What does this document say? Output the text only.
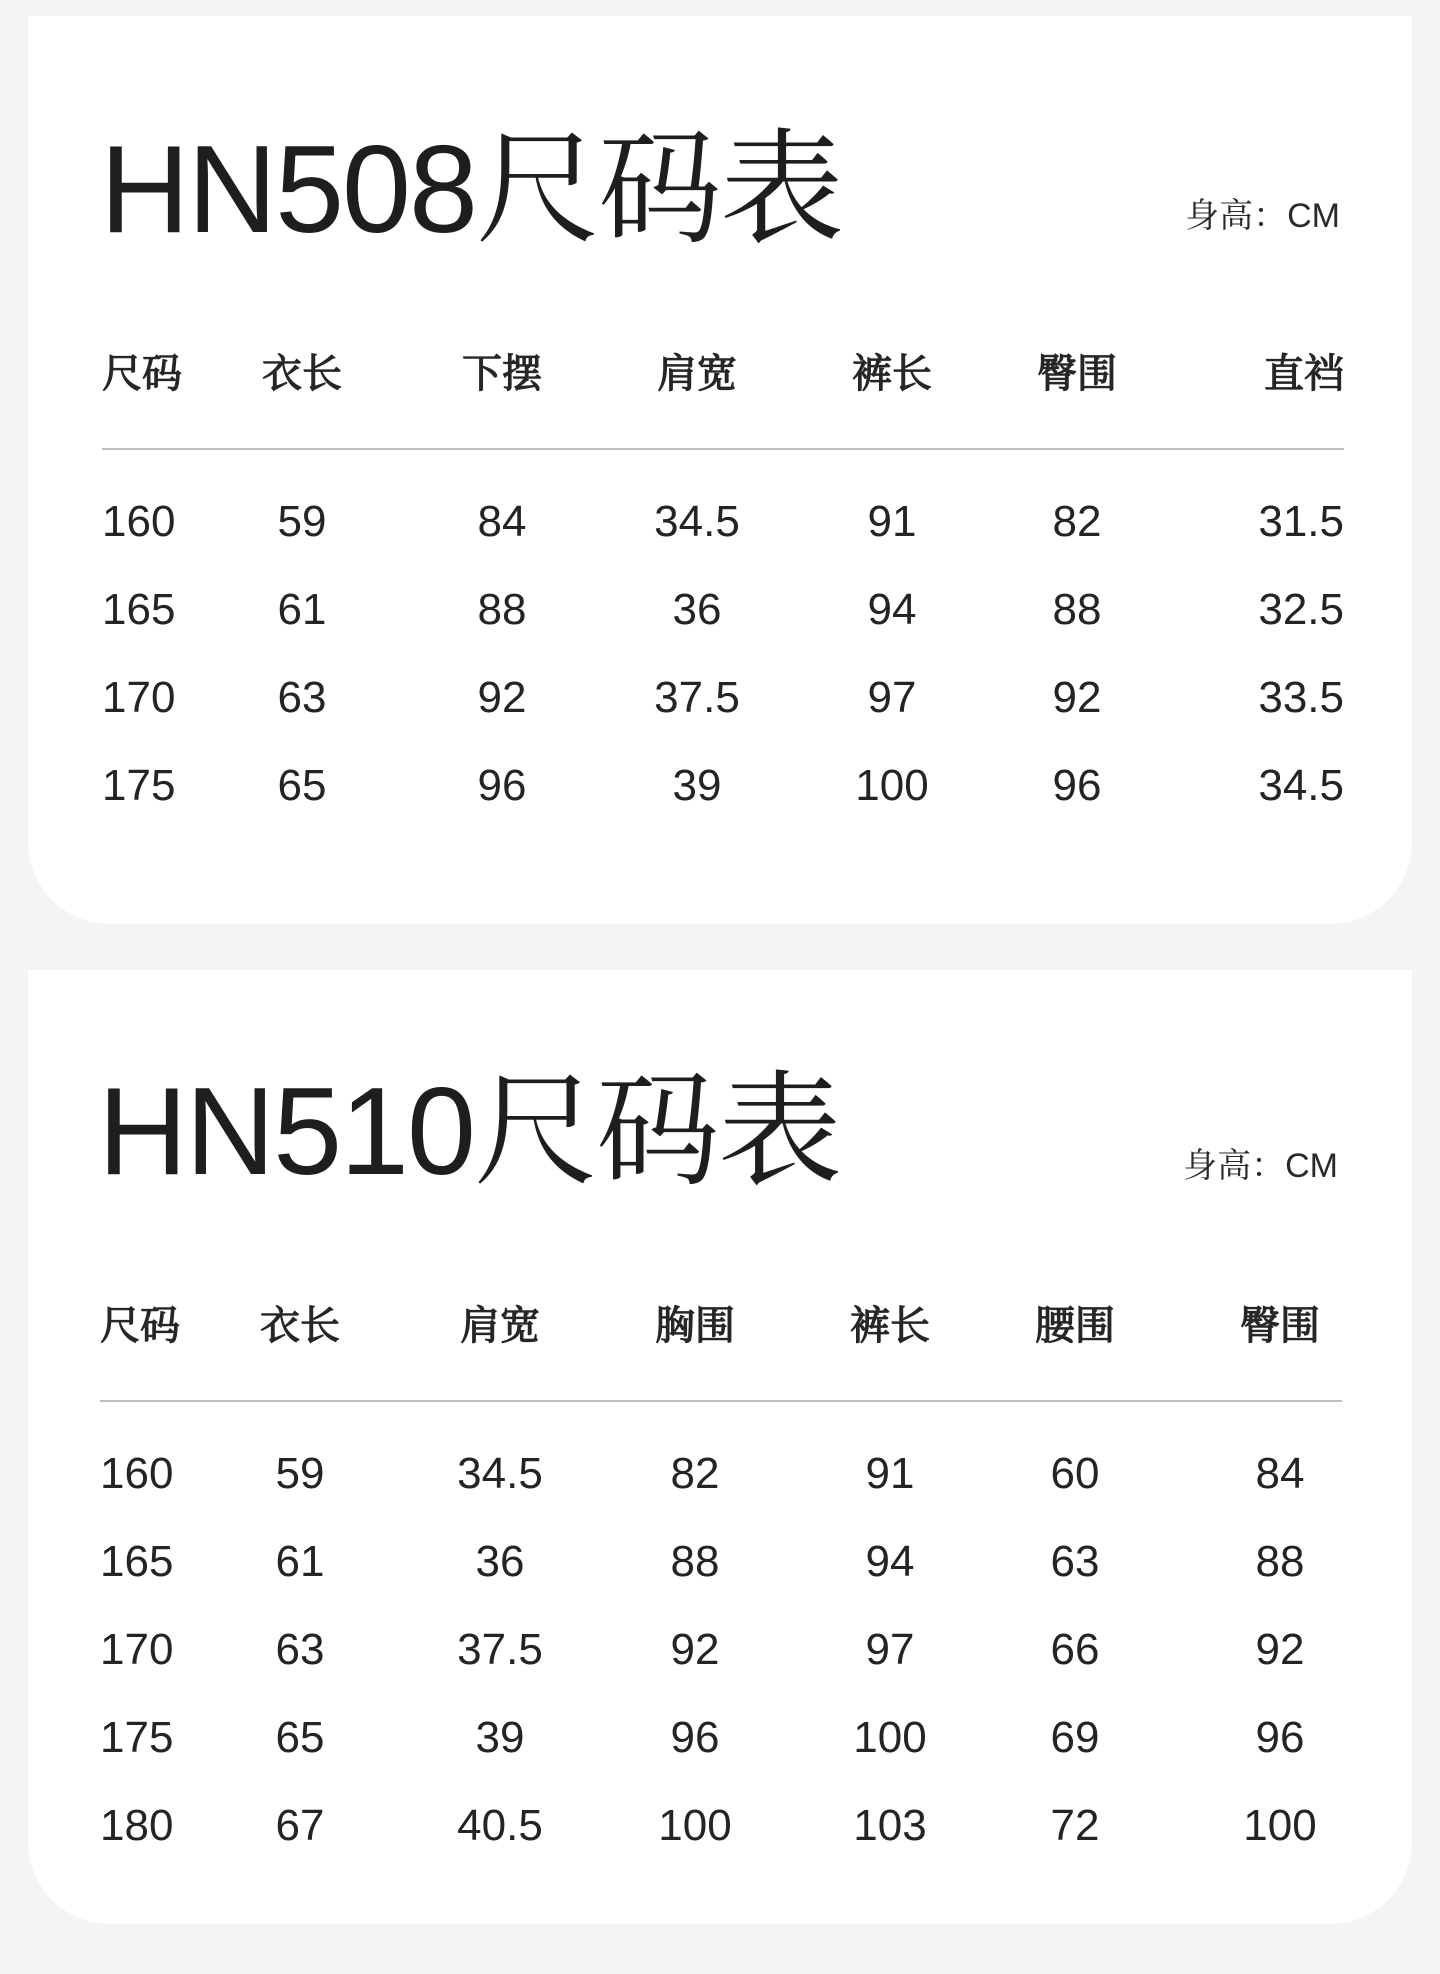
HN508尺码表	身高：CM
尺码	衣长	下摆	肩宽	裤长	臀围	直裆
160	59	84	34.5	91	82	31.5
165	61	88	36	94	88	32.5
170	63	92	37.5	97	92	33.5
175	65	96	39	100	96	34.5
HN510尺码表	身高：CM
尺码	衣长	肩宽	胸围	裤长	腰围	臀围
160	59	34.5	82	91	60	84
165	61	36	88	94	63	88
170	63	37.5	92	97	66	92
175	65	39	96	100	69	96
180	67	40.5	100	103	72	100
